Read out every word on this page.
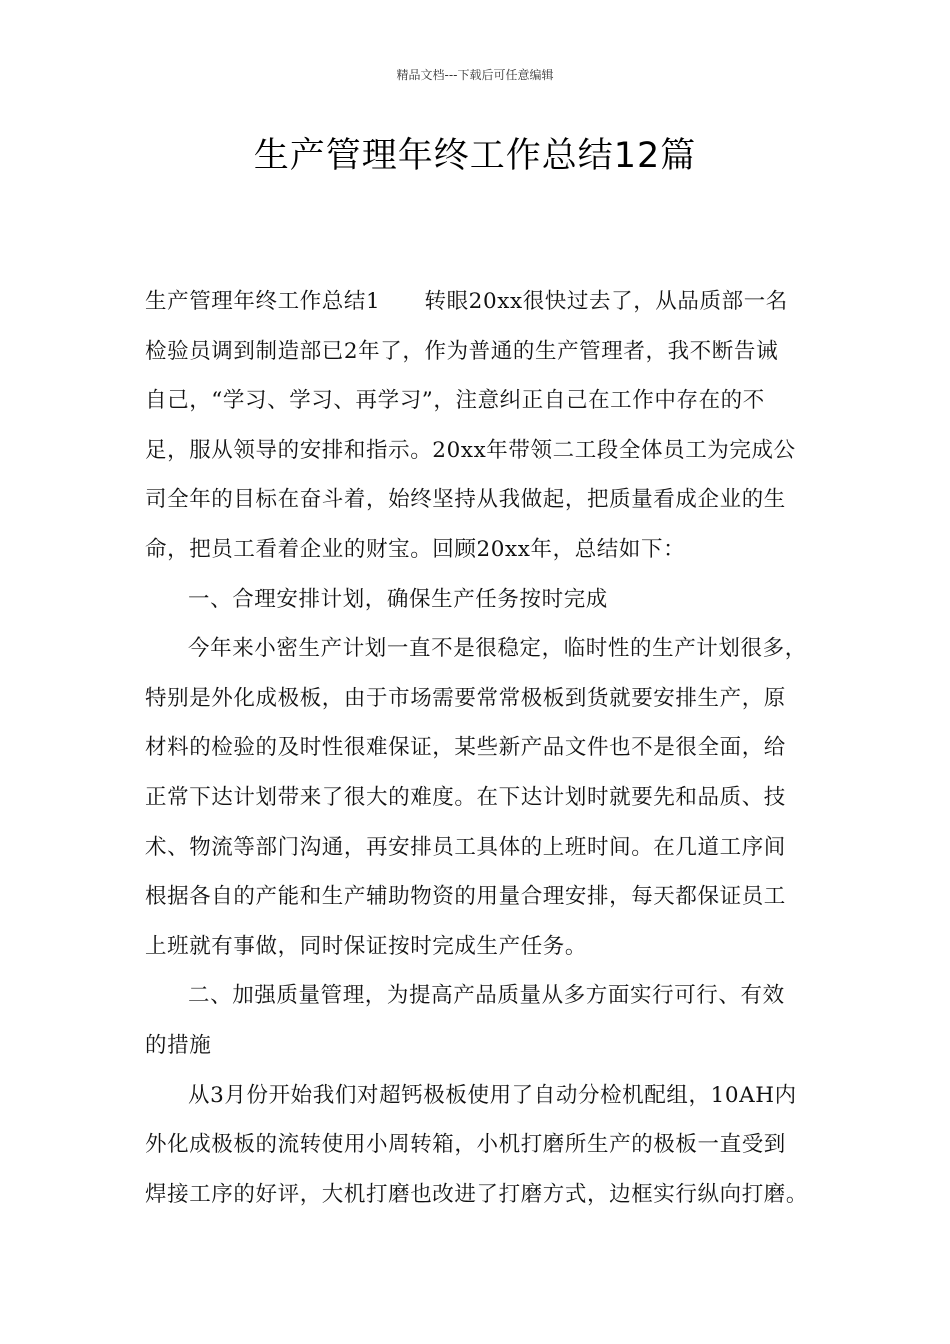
精品文档---下载后可任意编辑
生产管理年终工作总结12篇
生产管理年终工作总结1　　转眼20xx很快过去了，从品质部一名
检验员调到制造部已2年了，作为普通的生产管理者，我不断告诫
自己，“学习、学习、再学习”，注意纠正自己在工作中存在的不
足，服从领导的安排和指示。20xx年带领二工段全体员工为完成公
司全年的目标在奋斗着，始终坚持从我做起，把质量看成企业的生
命，把员工看着企业的财宝。回顾20xx年，总结如下：
一、合理安排计划，确保生产任务按时完成
今年来小密生产计划一直不是很稳定，临时性的生产计划很多，
特别是外化成极板，由于市场需要常常极板到货就要安排生产，原
材料的检验的及时性很难保证，某些新产品文件也不是很全面，给
正常下达计划带来了很大的难度。在下达计划时就要先和品质、技
术、物流等部门沟通，再安排员工具体的上班时间。在几道工序间
根据各自的产能和生产辅助物资的用量合理安排，每天都保证员工
上班就有事做，同时保证按时完成生产任务。
二、加强质量管理，为提高产品质量从多方面实行可行、有效
的措施
从3月份开始我们对超钙极板使用了自动分检机配组，10AH内
外化成极板的流转使用小周转箱，小机打磨所生产的极板一直受到
焊接工序的好评，大机打磨也改进了打磨方式，边框实行纵向打磨。
